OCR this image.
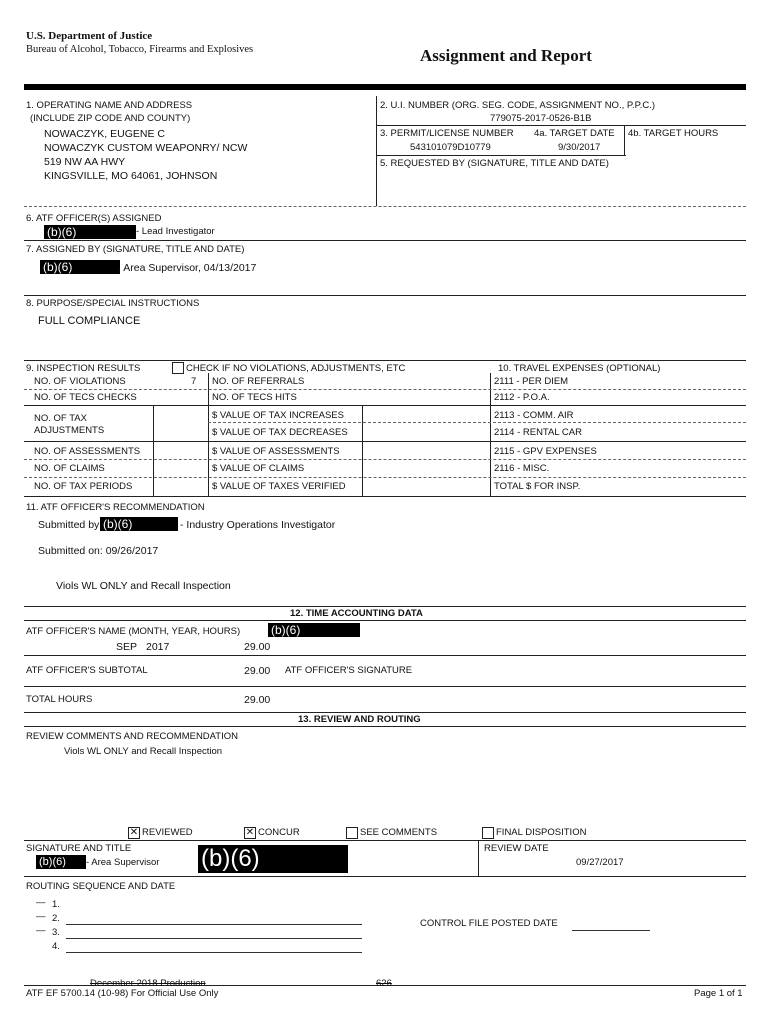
U.S. Department of Justice
Bureau of Alcohol, Tobacco, Firearms and Explosives	Assignment and Report
1. OPERATING NAME AND ADDRESS
(INCLUDE ZIP CODE AND COUNTY)
NOWACZYK, EUGENE C
NOWACZYK CUSTOM WEAPONRY/ NCW
519 NW AA HWY
KINGSVILLE, MO 64061, JOHNSON
2. U.I. NUMBER (ORG. SEG. CODE, ASSIGNMENT NO., P.P.C.)
779075-2017-0526-B1B
3. PERMIT/LICENSE NUMBER 4a. TARGET DATE 4b. TARGET HOURS
543101079D10779	9/30/2017
5. REQUESTED BY (SIGNATURE, TITLE AND DATE)
6. ATF OFFICER(S) ASSIGNED
(b)(6)	- Lead Investigator
7. ASSIGNED BY (SIGNATURE, TITLE AND DATE)
(b)(6)	, Area Supervisor, 04/13/2017
8. PURPOSE/SPECIAL INSTRUCTIONS
FULL COMPLIANCE
9. INSPECTION RESULTS	CHECK IF NO VIOLATIONS, ADJUSTMENTS, ETC	10. TRAVEL EXPENSES (OPTIONAL)
NO. OF VIOLATIONS	7 NO. OF REFERRALS	2111 - PER DIEM
NO. OF TECS CHECKS	NO. OF TECS HITS	2112 - P.O.A.
NO. OF TAX
ADJUSTMENTS
$ VALUE OF TAX INCREASES	2113 - COMM. AIR
$ VALUE OF TAX DECREASES	2114 - RENTAL CAR
NO. OF ASSESSMENTS	$ VALUE OF ASSESSMENTS	2115 - GPV EXPENSES
NO. OF CLAIMS	$ VALUE OF CLAIMS	2116 - MISC.
NO. OF TAX PERIODS	$ VALUE OF TAXES VERIFIED	TOTAL $ FOR INSP.
11. ATF OFFICER'S RECOMMENDATION
Submitted by (b)(6)	- Industry Operations Investigator
Submitted on: 09/26/2017
Viols WL ONLY and Recall Inspection
12. TIME ACCOUNTING DATA
ATF OFFICER'S NAME (MONTH, YEAR, HOURS)	(b)(6)
SEP 2017	29.00
ATF OFFICER'S SUBTOTAL	29.00 ATF OFFICER'S SIGNATURE
TOTAL HOURS	29.00
13. REVIEW AND ROUTING
REVIEW COMMENTS AND RECOMMENDATION
Viols WL ONLY and Recall Inspection
✕ REVIEWED	✕ CONCUR	SEE COMMENTS	FINAL DISPOSITION
SIGNATURE AND TITLE
(b)(6)	- Area Supervisor (b)(6)	REVIEW DATE
09/27/2017
ROUTING SEQUENCE AND DATE
1.
2.
3.
4.
—
—
—
CONTROL FILE POSTED DATE
December 2018 Production	626
ATF EF 5700.14 (10-98) For Official Use Only	Page 1 of 1
